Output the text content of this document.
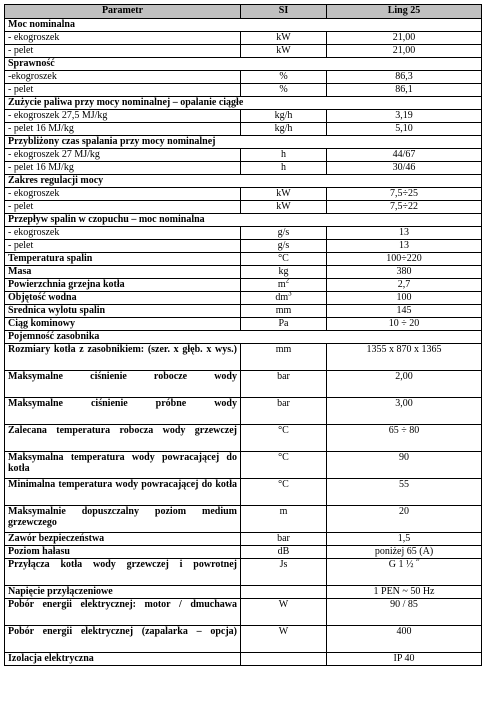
Parametr	SI	Ling 25
Moc nominalna		
- ekogroszek	kW	21,00
- pelet	kW	21,00
Sprawność		
-ekogroszek	%	86,3
- pelet	%	86,1
Zużycie paliwa przy mocy nominalnej – opalanie ciągłe		
- ekogroszek 27,5 MJ/kg	kg/h	3,19
- pelet 16 MJ/kg	kg/h	5,10
Przybliżony czas spalania przy mocy nominalnej		
- ekogroszek 27 MJ/kg	h	44/67
- pelet 16 MJ/kg	h	30/46
Zakres regulacji mocy		
- ekogroszek	kW	7,5÷25
- pelet	kW	7,5÷22
Przepływ spalin w czopuchu – moc nominalna		
- ekogroszek	g/s	13
- pelet	g/s	13
Temperatura spalin	°C	100÷220
Masa	kg	380
Powierzchnia grzejna kotła	$m^2$	2,7
Objętość wodna	$dm^3$	100
Średnica wylotu spalin	mm	145
Ciąg kominowy	Pa	10 ÷ 20
Pojemność zasobnika		
Rozmiary kotła z zasobnikiem: (szer. x głęb. x wys.)	mm	1355 x 870 x 1365
Maksymalne ciśnienie robocze wody	bar	2,00
Maksymalne ciśnienie próbne wody	bar	3,00
Zalecana temperatura robocza wody grzewczej	°C	65 ÷ 80
Maksymalna temperatura wody powracającej do kotła	°C	90
Minimalna temperatura wody powracającej do kotła	°C	55
Maksymalnie dopuszczalny poziom medium grzewczego	m	20
Zawór bezpieczeństwa	bar	1,5
Poziom hałasu	dB	poniżej 65 (A)
Przyłącza kotła wody grzewczej i powrotnej	Js	G 1 ½ ˝
Napięcie przyłączeniowe		1 PEN ~ 50 Hz
Pobór energii elektrycznej: motor / dmuchawa	W	90 / 85
Pobór energii elektrycznej (zapalarka – opcja)	W	400
Izolacja elektryczna		IP 40
